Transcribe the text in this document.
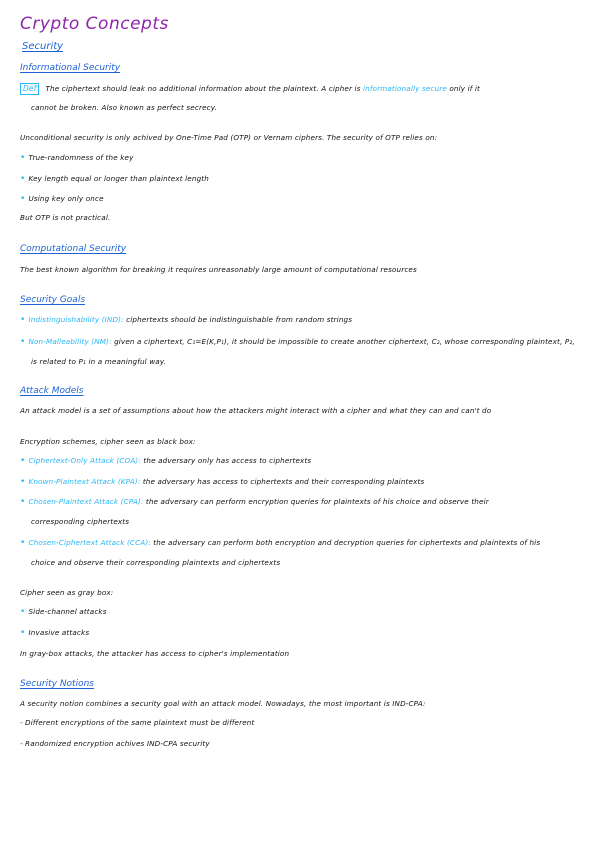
Crypto Concepts
Security
Informational Security
Def The ciphertext should leak no additional information about the plaintext. A cipher is informationally secure only if it
cannot be broken. Also known as perfect secrecy.
Unconditional security is only achived by One-Time Pad (OTP) or Vernam ciphers. The security of OTP relies on:
• True-randomness of the key
• Key length equal or longer than plaintext length
• Using key only once
But OTP is not practical.
Computational Security
The best known algorithm for breaking it requires unreasonably large amount of computational resources
Security Goals
• Indistinguishability (IND): ciphertexts should be indistinguishable from random strings
• Non-Malleability (NM): given a ciphertext, C₁=E(K,P₁), it should be impossible to create another ciphertext, C₂, whose corresponding plaintext, P₂,
is related to P₁ in a meaningful way.
Attack Models
An attack model is a set of assumptions about how the attackers might interact with a cipher and what they can and can't do
Encryption schemes, cipher seen as black box:
• Ciphertext-Only Attack (COA): the adversary only has access to ciphertexts
• Known-Plaintext Attack (KPA): the adversary has access to ciphertexts and their corresponding plaintexts
• Chosen-Plaintext Attack (CPA): the adversary can perform encryption queries for plaintexts of his choice and observe their
corresponding ciphertexts
• Chosen-Ciphertext Attack (CCA): the adversary can perform both encryption and decryption queries for ciphertexts and plaintexts of his
choice and observe their corresponding plaintexts and ciphertexts
Cipher seen as gray box:
• Side-channel attacks
• Invasive attacks
In gray-box attacks, the attacker has access to cipher's implementation
Security Notions
A security notion combines a security goal with an attack model. Nowadays, the most important is IND-CPA:
- Different encryptions of the same plaintext must be different
- Randomized encryption achives IND-CPA security
